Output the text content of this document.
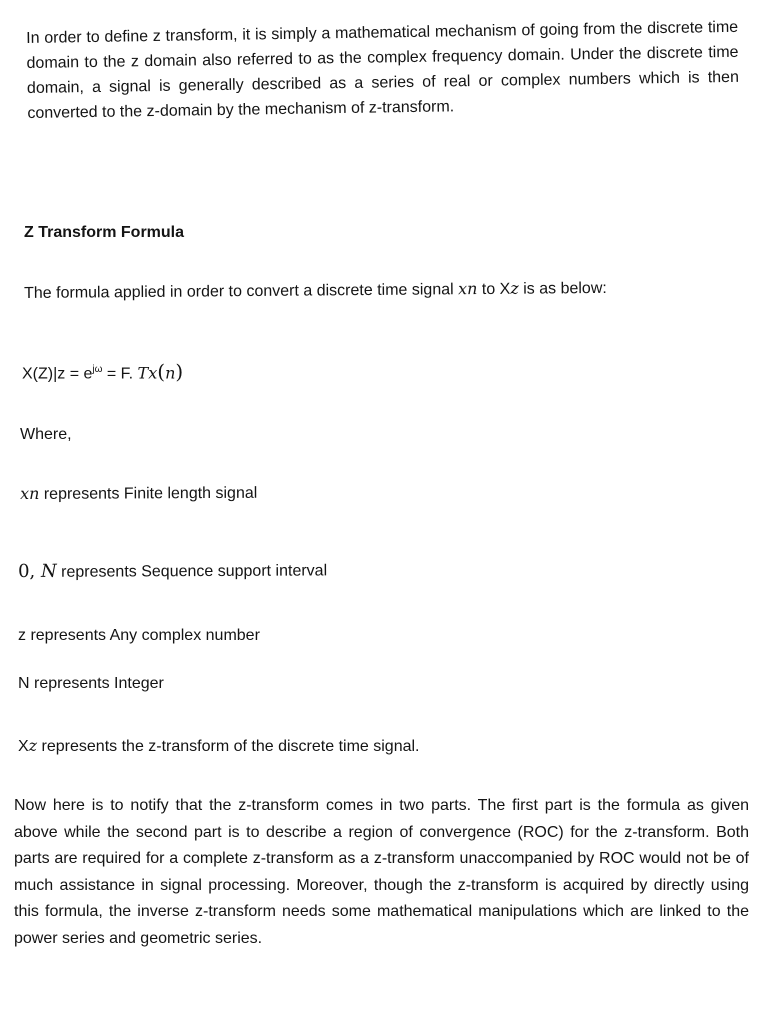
In order to define z transform, it is simply a mathematical mechanism of going from the discrete time domain to the z domain also referred to as the complex frequency domain. Under the discrete time domain, a signal is generally described as a series of real or complex numbers which is then converted to the z-domain by the mechanism of z-transform.

Z Transform Formula
The formula applied in order to convert a discrete time signal xn to Xz is as below:
$X(Z)|z = e^{j\omega} = F$. Tx(n)
Where,
xn represents Finite length signal
0, N represents Sequence support interval
z represents Any complex number
N represents Integer
Xz represents the z-transform of the discrete time signal.

Now here is to notify that the z-transform comes in two parts. The first part is the formula as given above while the second part is to describe a region of convergence (ROC) for the z-transform. Both parts are required for a complete z-transform as a z-transform unaccompanied by ROC would not be of much assistance in signal processing. Moreover, though the z-transform is acquired by directly using this formula, the inverse z-transform needs some mathematical manipulations which are linked to the power series and geometric series.
